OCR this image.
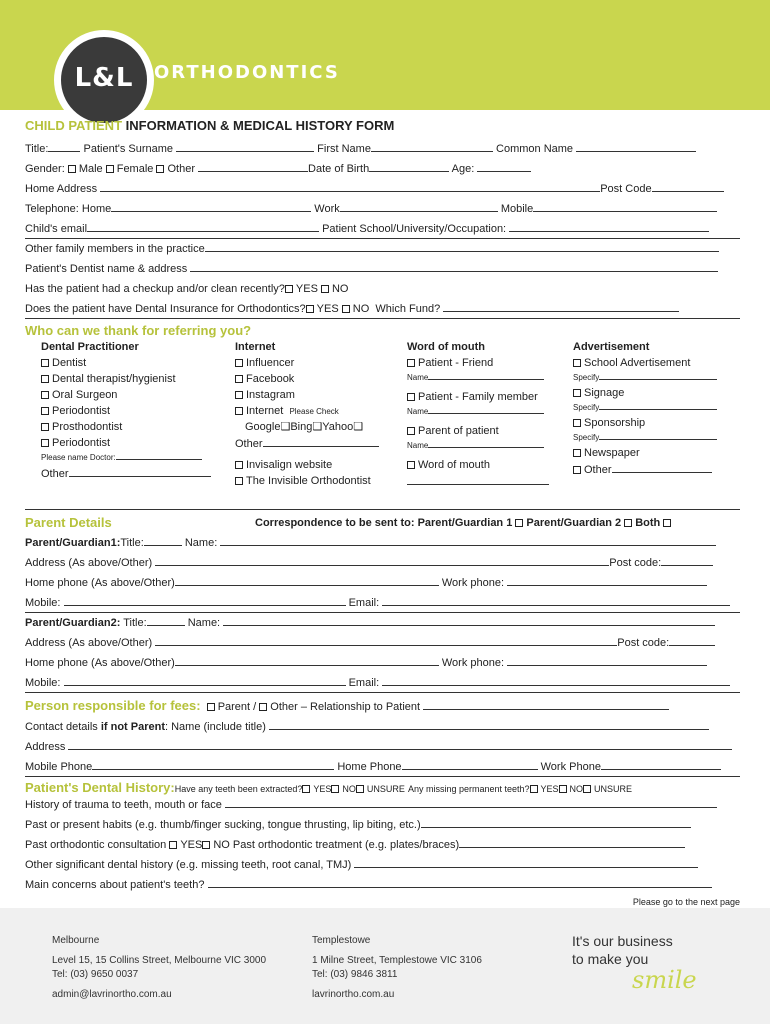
L&L	ORTHODONTICS
CHILD PATIENT INFORMATION & MEDICAL HISTORY FORM
Title:	Patient's Surname	First Name	Common Name
Gender: Male Female Other	Date of Birth	Age:
Home Address	Post Code
Telephone: Home	Work	Mobile
Child's email	Patient School/University/Occupation:
Other family members in the practice
Patient's Dentist name & address
Has the patient had a checkup and/or clean recently? YES NO
Does the patient have Dental Insurance for Orthodontics? YES NO Which Fund?
Who can we thank for referring you?
Dental Practitioner
Dentist
Dental therapist/hygienist
Oral Surgeon
Periodontist
Prosthodontist
Periodontist
Please name Doctor:
Other
Internet
Influencer
Facebook
Instagram
Internet Please Check
Google❑Bing❑Yahoo❑
Other
Invisalign website
The Invisible Orthodontist
Word of mouth
Patient - Friend
Name
Patient - Family member
Name
Parent of patient
Name
Word of mouth
Advertisement
School Advertisement
Specify
Signage
Specify
Sponsorship
Specify
Newspaper
Other
Parent Details	Correspondence to be sent to: Parent/Guardian 1 Parent/Guardian 2 Both
Parent/Guardian1:Title:	Name:
Address (As above/Other)	Post code:
Home phone (As above/Other)	Work phone:
Mobile:	Email:
Parent/Guardian2: Title:	Name:
Address (As above/Other)	Post code:
Home phone (As above/Other)	Work phone:
Mobile:	Email:
Person responsible for fees: Parent / Other – Relationship to Patient
Contact details if not Parent: Name (include title)
Address
Mobile Phone	Home Phone	Work Phone
Patient's Dental History:Have any teeth been extracted? YES NO UNSURE Any missing permanent teeth? YES NO UNSURE
History of trauma to teeth, mouth or face
Past or present habits (e.g. thumb/finger sucking, tongue thrusting, lip biting, etc.)
Past orthodontic consultation YES NO Past orthodontic treatment (e.g. plates/braces)
Other significant dental history (e.g. missing teeth, root canal, TMJ)
Main concerns about patient's teeth?
Please go to the next page
Melbourne
Level 15, 15 Collins Street, Melbourne VIC 3000
Tel: (03) 9650 0037
admin@lavrinortho.com.au
Templestowe
1 Milne Street, Templestowe VIC 3106
Tel: (03) 9846 3811
lavrinortho.com.au
It's our business
to make you
smile
